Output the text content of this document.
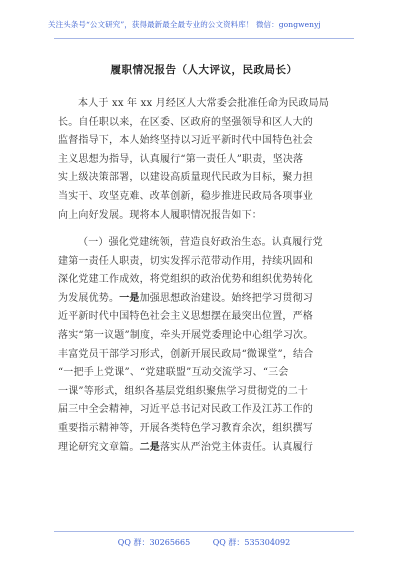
关注头条号“公文研究”，获得最新最全最专业的公文资料库！ 微信：gongwenyj
履职情况报告（人大评议，民政局长）
本人于 xx 年 xx 月经区人大常委会批准任命为民政局局
长。自任职以来，在区委、区政府的坚强领导和区人大的
监督指导下，本人始终坚持以习近平新时代中国特色社会
主义思想为指导，认真履行“第一责任人”职责，坚决落
实上级决策部署，以建设高质量现代民政为目标，聚力担
当实干、攻坚克难、改革创新，稳步推进民政局各项事业
向上向好发展。现将本人履职情况报告如下：
（一）强化党建统领，营造良好政治生态。认真履行党
建第一责任人职责，切实发挥示范带动作用，持续巩固和
深化党建工作成效，将党组织的政治优势和组织优势转化
为发展优势。一是加强思想政治建设。始终把学习贯彻习
近平新时代中国特色社会主义思想摆在最突出位置，严格
落实“第一议题”制度，牵头开展党委理论中心组学习次。
丰富党员干部学习形式，创新开展民政局“微课堂”，结合
“一把手上党课”、“党建联盟”互动交流学习、“三会
一课”等形式，组织各基层党组织聚焦学习贯彻党的二十
届三中全会精神，习近平总书记对民政工作及江苏工作的
重要指示精神等，开展各类特色学习教育余次，组织撰写
理论研究文章篇。二是落实从严治党主体责任。认真履行
QQ 群：30265665	QQ 群：535304092
